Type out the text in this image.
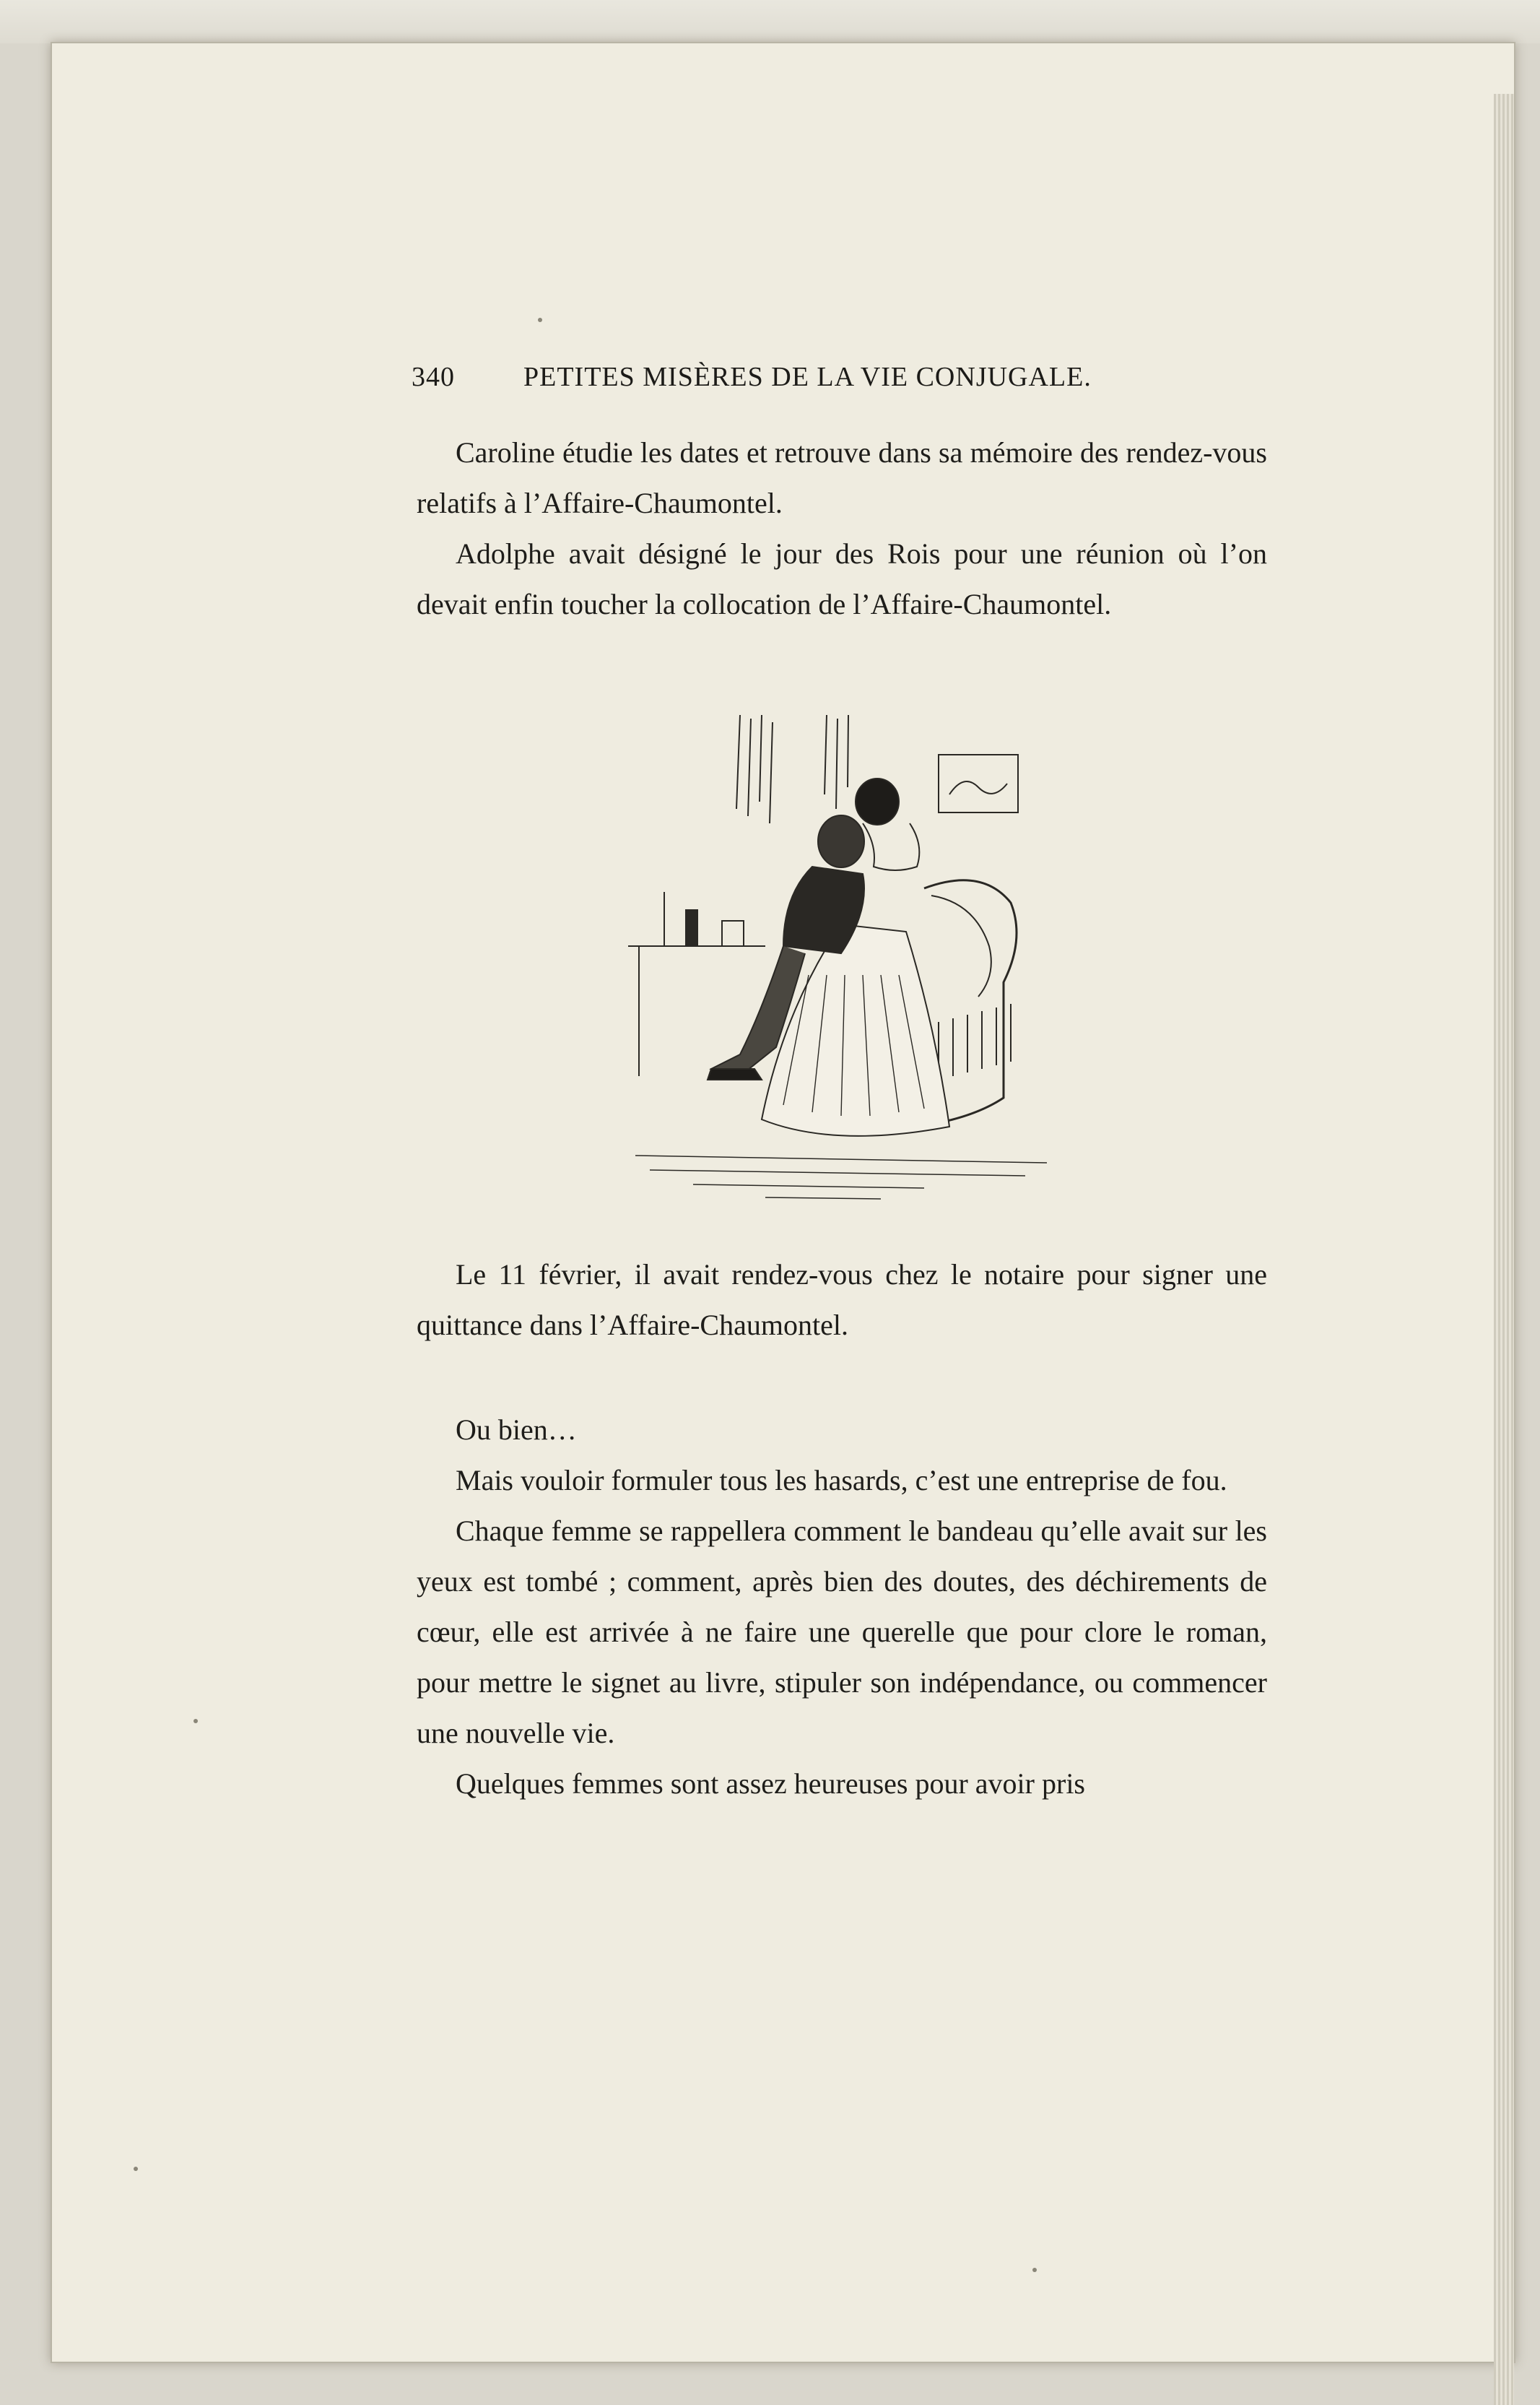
340	PETITES MISÈRES DE LA VIE CONJUGALE.

Caroline étudie les dates et retrouve dans sa mémoire des rendez-vous relatifs à l’Affaire-Chaumontel.

Adolphe avait désigné le jour des Rois pour une réunion où l’on devait enfin toucher la collocation de l’Affaire-Chaumontel.

Le 11 février, il avait rendez-vous chez le notaire pour signer une quittance dans l’Affaire-Chaumontel.

Ou bien…

Mais vouloir formuler tous les hasards, c’est une entreprise de fou.

Chaque femme se rappellera comment le bandeau qu’elle avait sur les yeux est tombé ; comment, après bien des doutes, des déchirements de cœur, elle est arrivée à ne faire une querelle que pour clore le roman, pour mettre le signet au livre, stipuler son indépendance, ou commencer une nouvelle vie.

Quelques femmes sont assez heureuses pour avoir pris
